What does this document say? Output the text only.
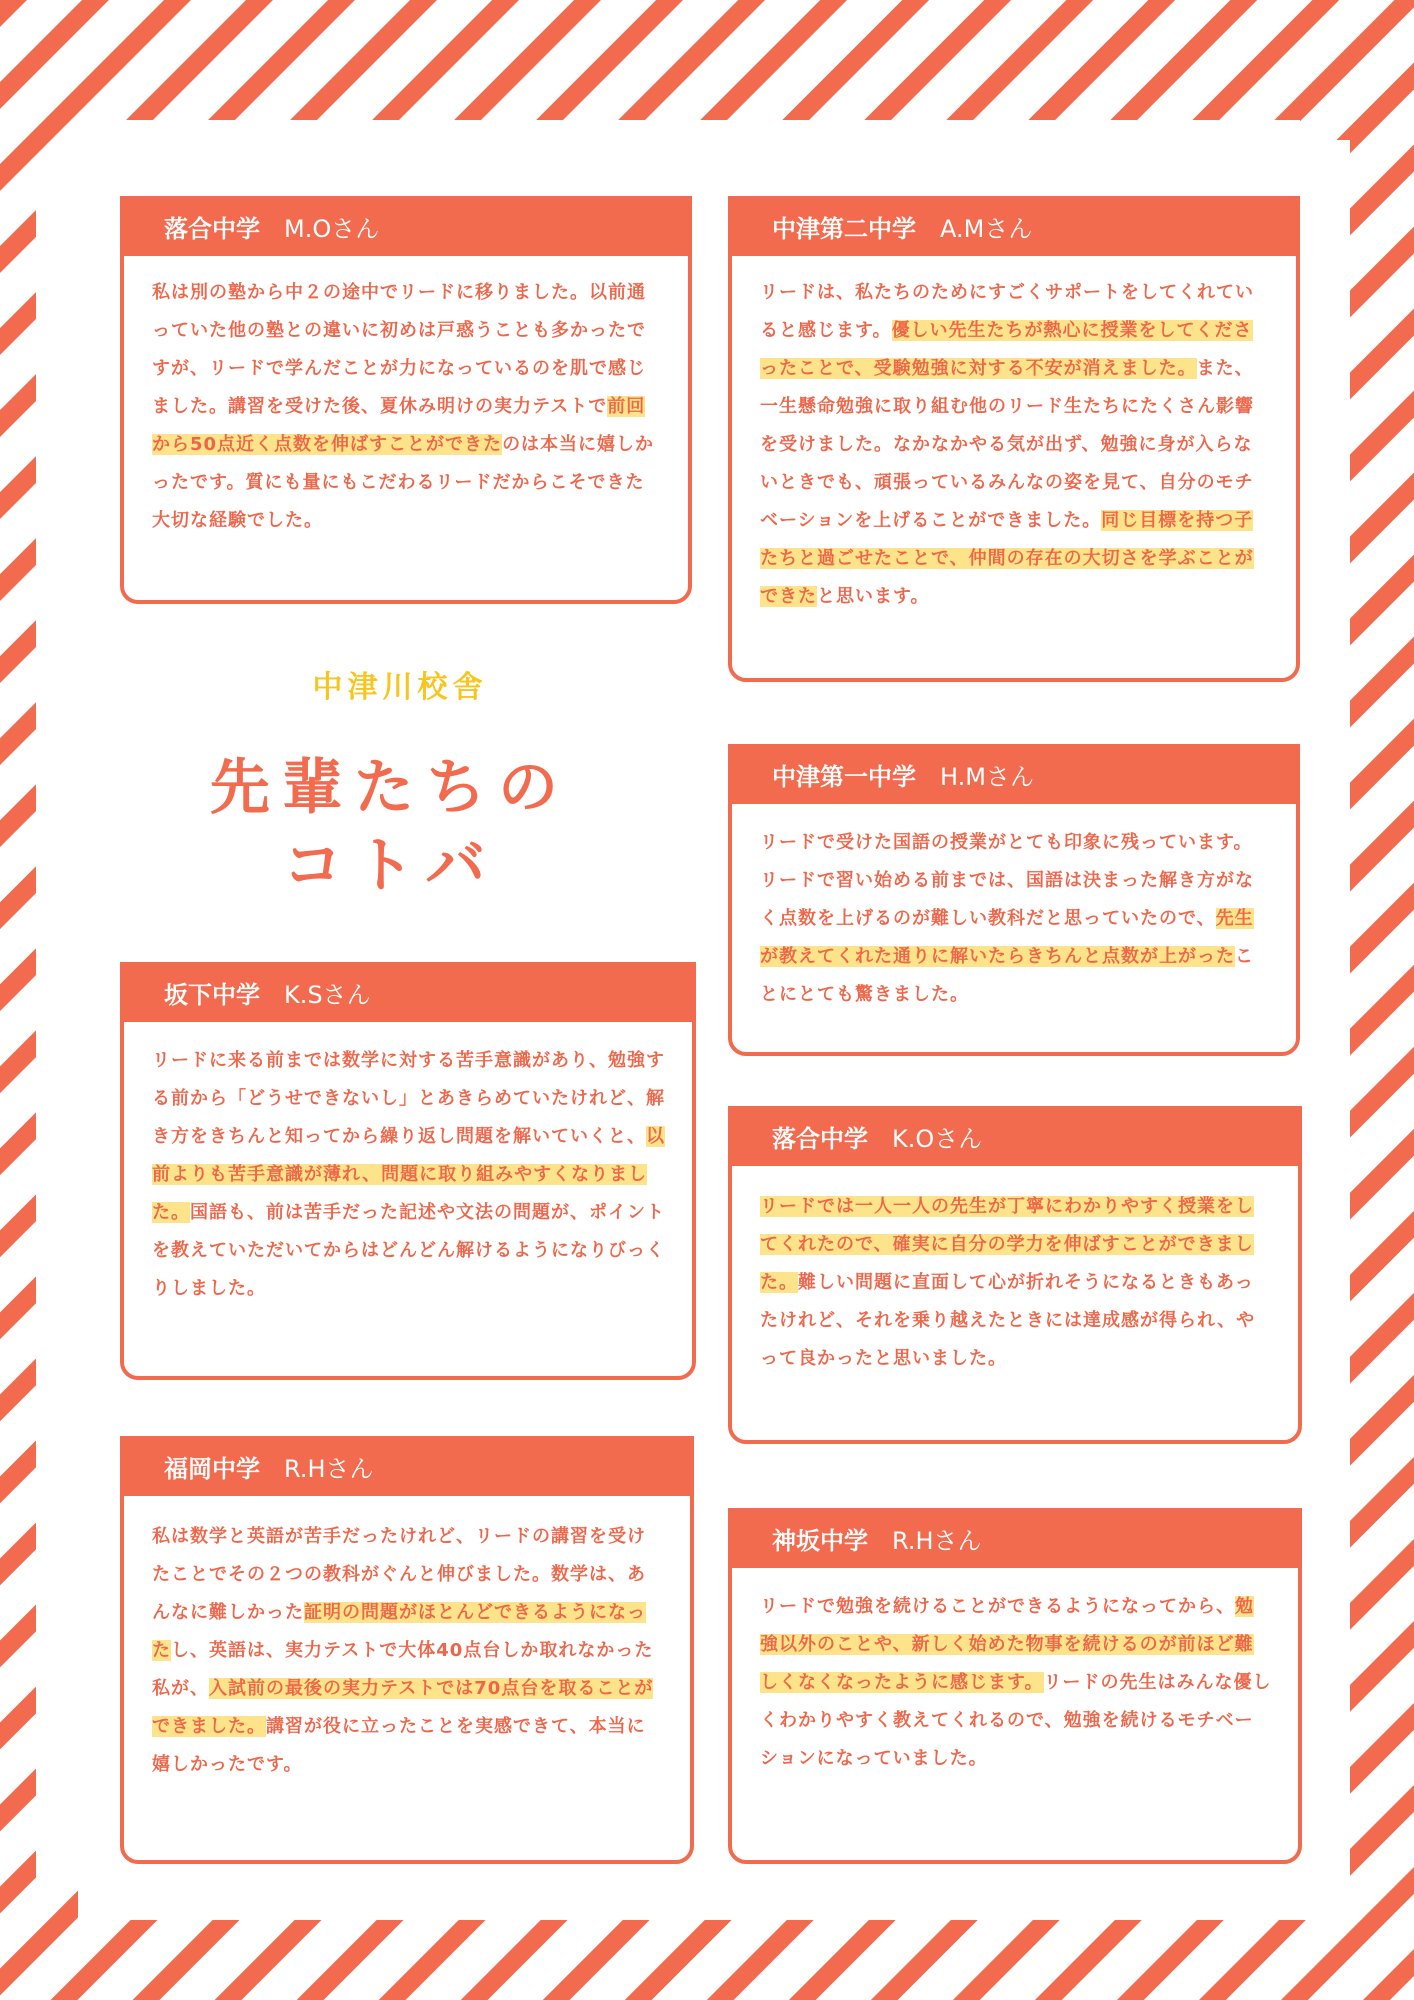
落合中学
　 M.Oさん
私は別の塾から中２の途中でリードに移りました。以前通っていた他の塾との違いに初めは戸惑うことも多かったですが、リードで学んだことが力になっているのを肌で感じました。講習を受けた後、夏休み明けの実力テストで前回から50点近く点数を伸ばすことができたのは本当に嬉しかったです。質にも量にもこだわるリードだからこそできた大切な経験でした。
中津第二中学
　 A.Mさん
リードは、私たちのためにすごくサポートをしてくれていると感じます。優しい先生たちが熱心に授業をしてくださったことで、受験勉強に対する不安が消えました。また、一生懸命勉強に取り組む他のリード生たちにたくさん影響を受けました。なかなかやる気が出ず、勉強に身が入らないときでも、頑張っているみんなの姿を見て、自分のモチベーションを上げることができました。同じ目標を持つ子たちと過ごせたことで、仲間の存在の大切さを学ぶことができたと思います。
中津川校舎
先輩たちの
コトバ
中津第一中学
　 H.Mさん
リードで受けた国語の授業がとても印象に残っています。リードで習い始める前までは、国語は決まった解き方がなく点数を上げるのが難しい教科だと思っていたので、先生が教えてくれた通りに解いたらきちんと点数が上がったことにとても驚きました。
坂下中学
　 K.Sさん
リードに来る前までは数学に対する苦手意識があり、勉強する前から「どうせできないし」とあきらめていたけれど、解き方をきちんと知ってから繰り返し問題を解いていくと、以前よりも苦手意識が薄れ、問題に取り組みやすくなりました。国語も、前は苦手だった記述や文法の問題が、ポイントを教えていただいてからはどんどん解けるようになりびっくりしました。
落合中学
　 K.Oさん
リードでは一人一人の先生が丁寧にわかりやすく授業をしてくれたので、確実に自分の学力を伸ばすことができました。難しい問題に直面して心が折れそうになるときもあったけれど、それを乗り越えたときには達成感が得られ、やって良かったと思いました。
福岡中学
　 R.Hさん
私は数学と英語が苦手だったけれど、リードの講習を受けたことでその２つの教科がぐんと伸びました。数学は、あんなに難しかった証明の問題がほとんどできるようになったし、英語は、実力テストで大体40点台しか取れなかった私が、入試前の最後の実力テストでは70点台を取ることができました。講習が役に立ったことを実感できて、本当に嬉しかったです。
神坂中学
　 R.Hさん
リードで勉強を続けることができるようになってから、勉強以外のことや、新しく始めた物事を続けるのが前ほど難しくなくなったように感じます。リードの先生はみんな優しくわかりやすく教えてくれるので、勉強を続けるモチベーションになっていました。
